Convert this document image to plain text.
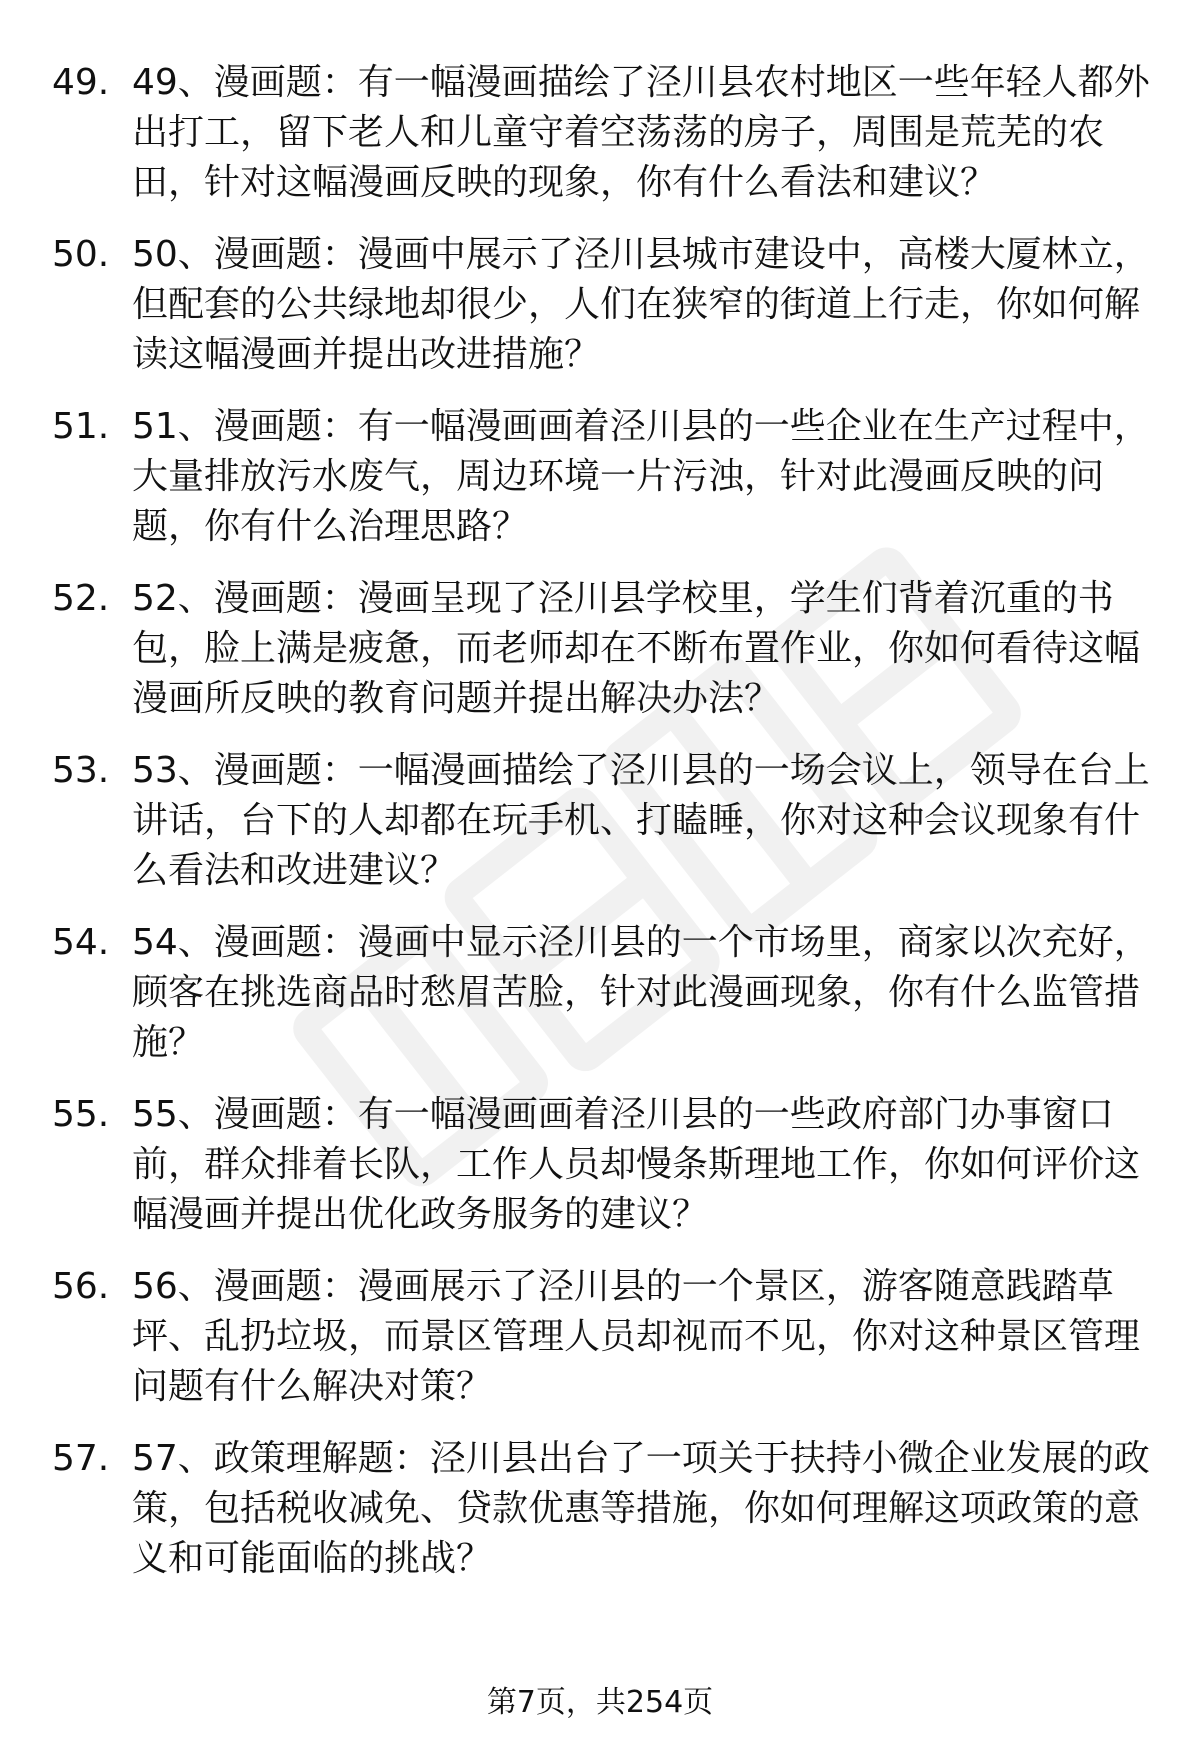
49. 49、漫画题：有一幅漫画描绘了泾川县农村地区一些年轻人都外出打工，留下老人和儿童守着空荡荡的房子，周围是荒芜的农田，针对这幅漫画反映的现象，你有什么看法和建议？
50. 50、漫画题：漫画中展示了泾川县城市建设中，高楼大厦林立，但配套的公共绿地却很少，人们在狭窄的街道上行走，你如何解读这幅漫画并提出改进措施？
51. 51、漫画题：有一幅漫画画着泾川县的一些企业在生产过程中，大量排放污水废气，周边环境一片污浊，针对此漫画反映的问题，你有什么治理思路？
52. 52、漫画题：漫画呈现了泾川县学校里，学生们背着沉重的书包，脸上满是疲惫，而老师却在不断布置作业，你如何看待这幅漫画所反映的教育问题并提出解决办法？
53. 53、漫画题：一幅漫画描绘了泾川县的一场会议上，领导在台上讲话，台下的人却都在玩手机、打瞌睡，你对这种会议现象有什么看法和改进建议？
54. 54、漫画题：漫画中显示泾川县的一个市场里，商家以次充好，顾客在挑选商品时愁眉苦脸，针对此漫画现象，你有什么监管措施？
55. 55、漫画题：有一幅漫画画着泾川县的一些政府部门办事窗口前，群众排着长队，工作人员却慢条斯理地工作，你如何评价这幅漫画并提出优化政务服务的建议？
56. 56、漫画题：漫画展示了泾川县的一个景区，游客随意践踏草坪、乱扔垃圾，而景区管理人员却视而不见，你对这种景区管理问题有什么解决对策？
57. 57、政策理解题：泾川县出台了一项关于扶持小微企业发展的政策，包括税收减免、贷款优惠等措施，你如何理解这项政策的意义和可能面临的挑战？
第7页，共254页
